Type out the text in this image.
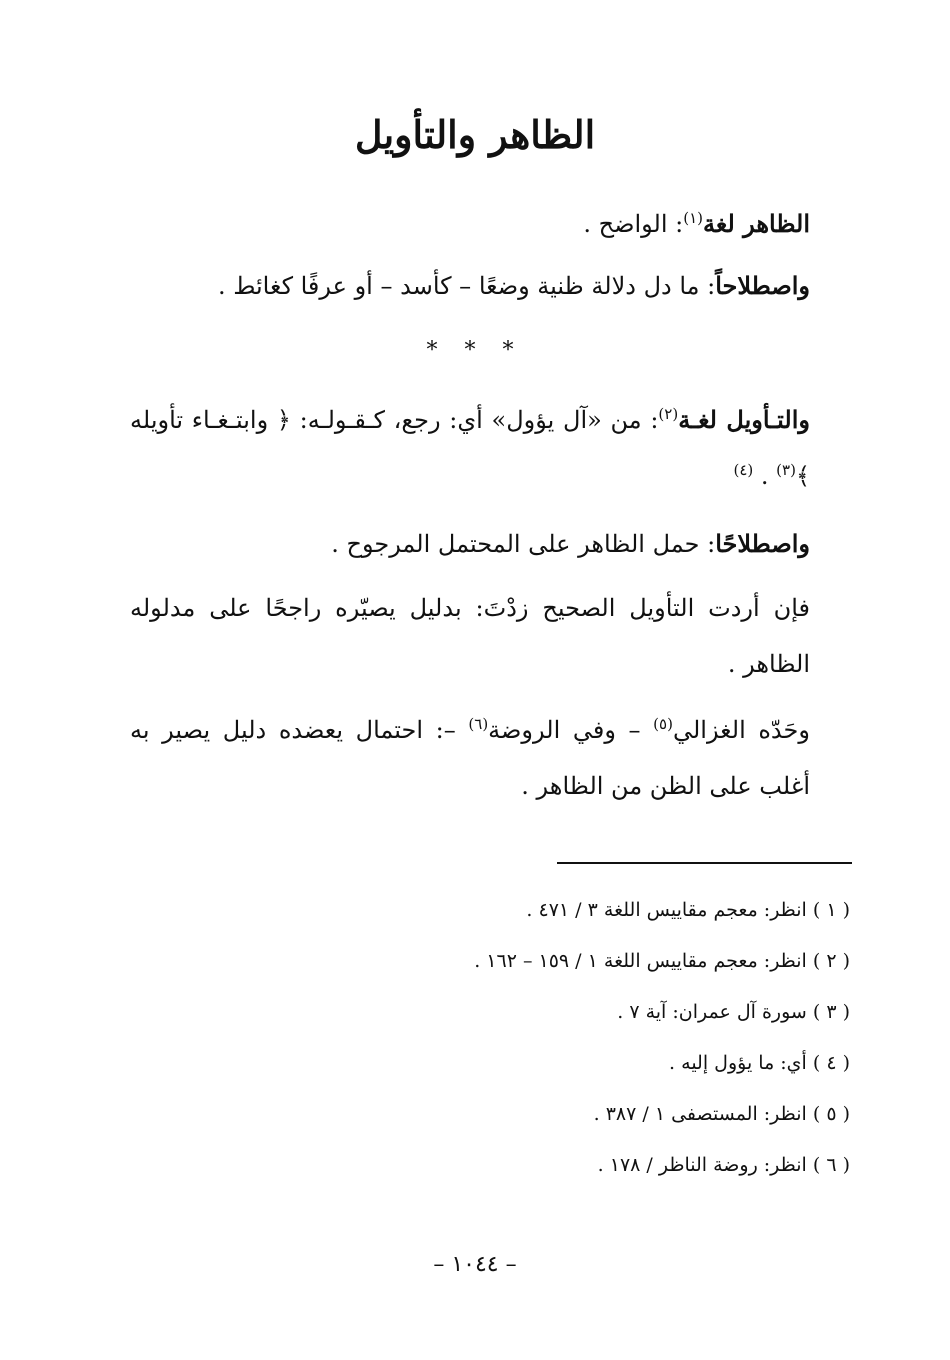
الظاهر والتأويل

الظاهر لغة$^{(١)}$: الواضح .

واصطلاحاً: ما دل دلالة ظنية وضعًا – كأسد – أو عرفًا كغائط .

* * *

والتـأويل لغـة$^{(٢)}$: من «آل يؤول» أي: رجع، كـقـولـه: ﴿ وابتـغـاء تأويله ﴾$^{(٣)}$ . $^{(٤)}$

واصطلاحًا: حمل الظاهر على المحتمل المرجوح .

فإن أردت التأويل الصحيح زدْتَ: بدليل يصيّره راجحًا على مدلوله الظاهر .

وحَدّه الغزالي$^{(٥)}$ – وفي الروضة$^{(٦)}$ –: احتمال يعضده دليل يصير به أغلب على الظن من الظاهر .

( ١ ) انظر: معجم مقاييس اللغة ٣ / ٤٧١ .
( ٢ ) انظر: معجم مقاييس اللغة ١ / ١٥٩ – ١٦٢ .
( ٣ ) سورة آل عمران: آية ٧ .
( ٤ ) أي: ما يؤول إليه .
( ٥ ) انظر: المستصفى ١ / ٣٨٧ .
( ٦ ) انظر: روضة الناظر / ١٧٨ .

– ١٠٤٤ –
